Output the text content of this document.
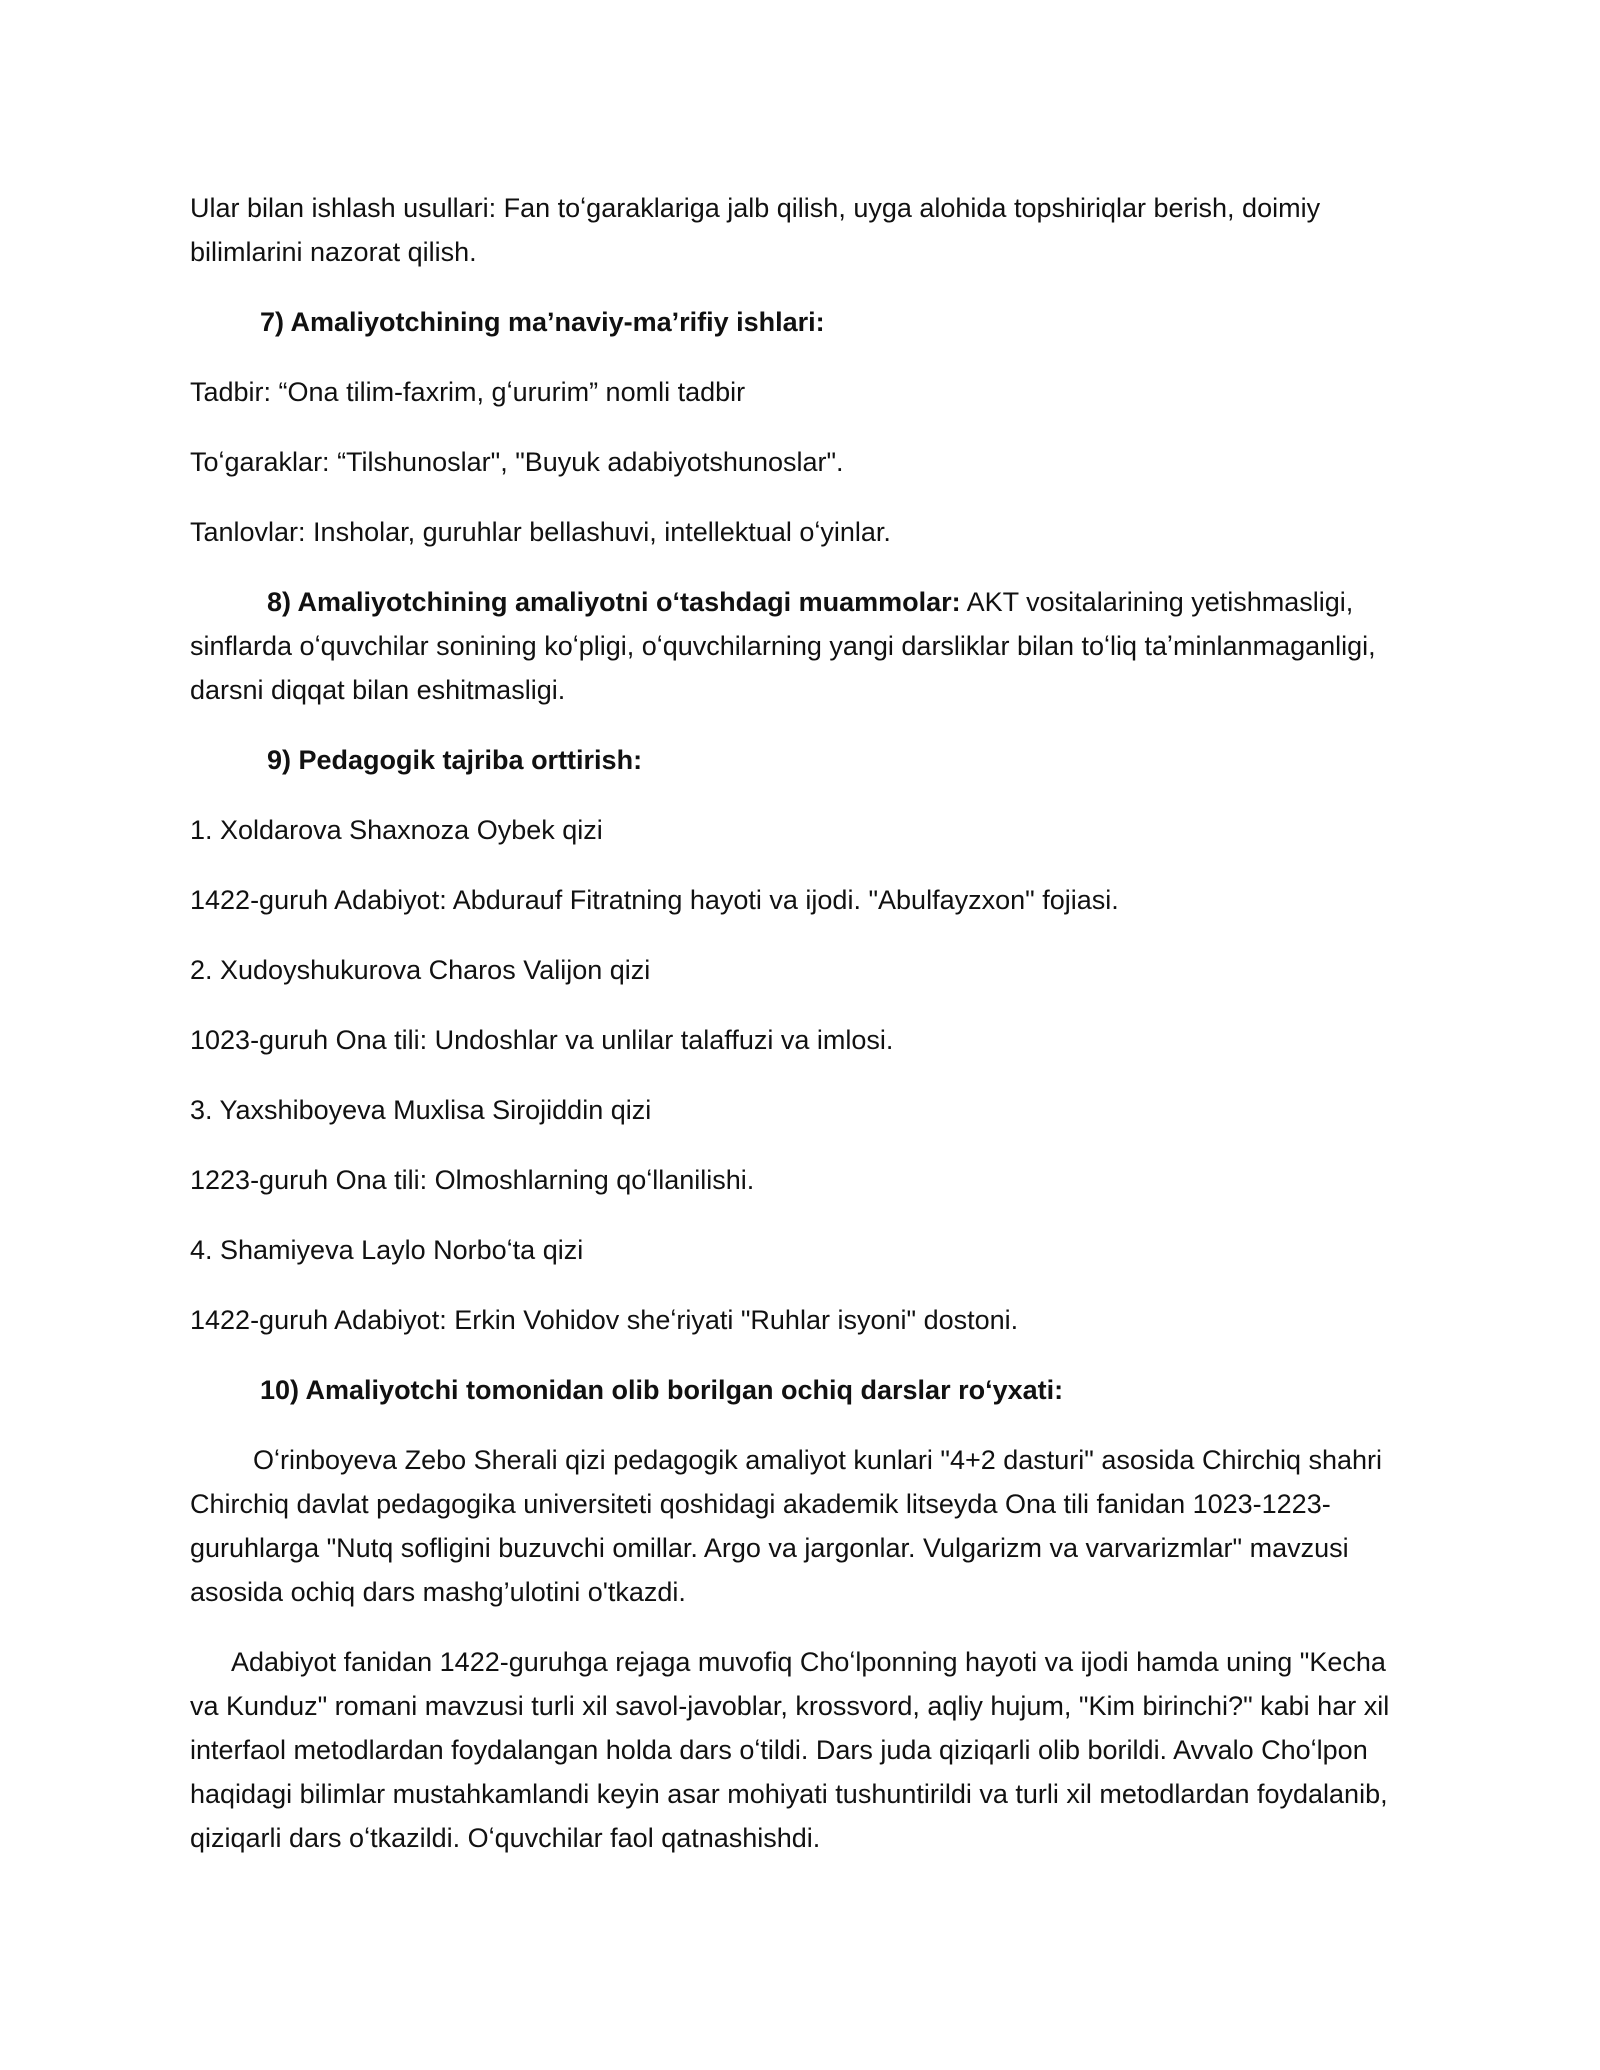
Ular bilan ishlash usullari: Fan toʻgaraklariga jalb qilish, uyga alohida topshiriqlar berish, doimiy bilimlarini nazorat qilish.

7) Amaliyotchining maʼnaviy-maʼrifiy ishlari:

Tadbir: “Ona tilim-faxrim, gʻururim” nomli tadbir

Toʻgaraklar: “Tilshunoslar", "Buyuk adabiyotshunoslar".

Tanlovlar: Insholar, guruhlar bellashuvi, intellektual oʻyinlar.

8) Amaliyotchining amaliyotni oʻtashdagi muammolar: AKT vositalarining yetishmasligi, sinflarda oʻquvchilar sonining koʻpligi, oʻquvchilarning yangi darsliklar bilan toʻliq taʼminlanmaganligi, darsni diqqat bilan eshitmasligi.

9) Pedagogik tajriba orttirish:

1. Xoldarova Shaxnoza Oybek qizi

1422-guruh Adabiyot: Abdurauf Fitratning hayoti va ijodi. "Abulfayzxon" fojiasi.

2. Xudoyshukurova Charos Valijon qizi

1023-guruh Ona tili: Undoshlar va unlilar talaffuzi va imlosi.

3. Yaxshiboyeva Muxlisa Sirojiddin qizi

1223-guruh Ona tili: Olmoshlarning qoʻllanilishi.

4. Shamiyeva Laylo Norboʻta qizi

1422-guruh Adabiyot: Erkin Vohidov sheʻriyati "Ruhlar isyoni" dostoni.

10) Amaliyotchi tomonidan olib borilgan ochiq darslar roʻyxati:

Oʻrinboyeva Zebo Sherali qizi pedagogik amaliyot kunlari "4+2 dasturi" asosida Chirchiq shahri Chirchiq davlat pedagogika universiteti qoshidagi akademik litseyda Ona tili fanidan 1023-1223-guruhlarga "Nutq sofligini buzuvchi omillar. Argo va jargonlar. Vulgarizm va varvarizmlar" mavzusi asosida ochiq dars mashg’ulotini o'tkazdi.

Adabiyot fanidan 1422-guruhga rejaga muvofiq Choʻlponning hayoti va ijodi hamda uning "Kecha va Kunduz" romani mavzusi turli xil savol-javoblar, krossvord, aqliy hujum, "Kim birinchi?" kabi har xil interfaol metodlardan foydalangan holda dars oʻtildi. Dars juda qiziqarli olib borildi. Avvalo Choʻlpon haqidagi bilimlar mustahkamlandi keyin asar mohiyati tushuntirildi va turli xil metodlardan foydalanib, qiziqarli dars oʻtkazildi. Oʻquvchilar faol qatnashishdi.
